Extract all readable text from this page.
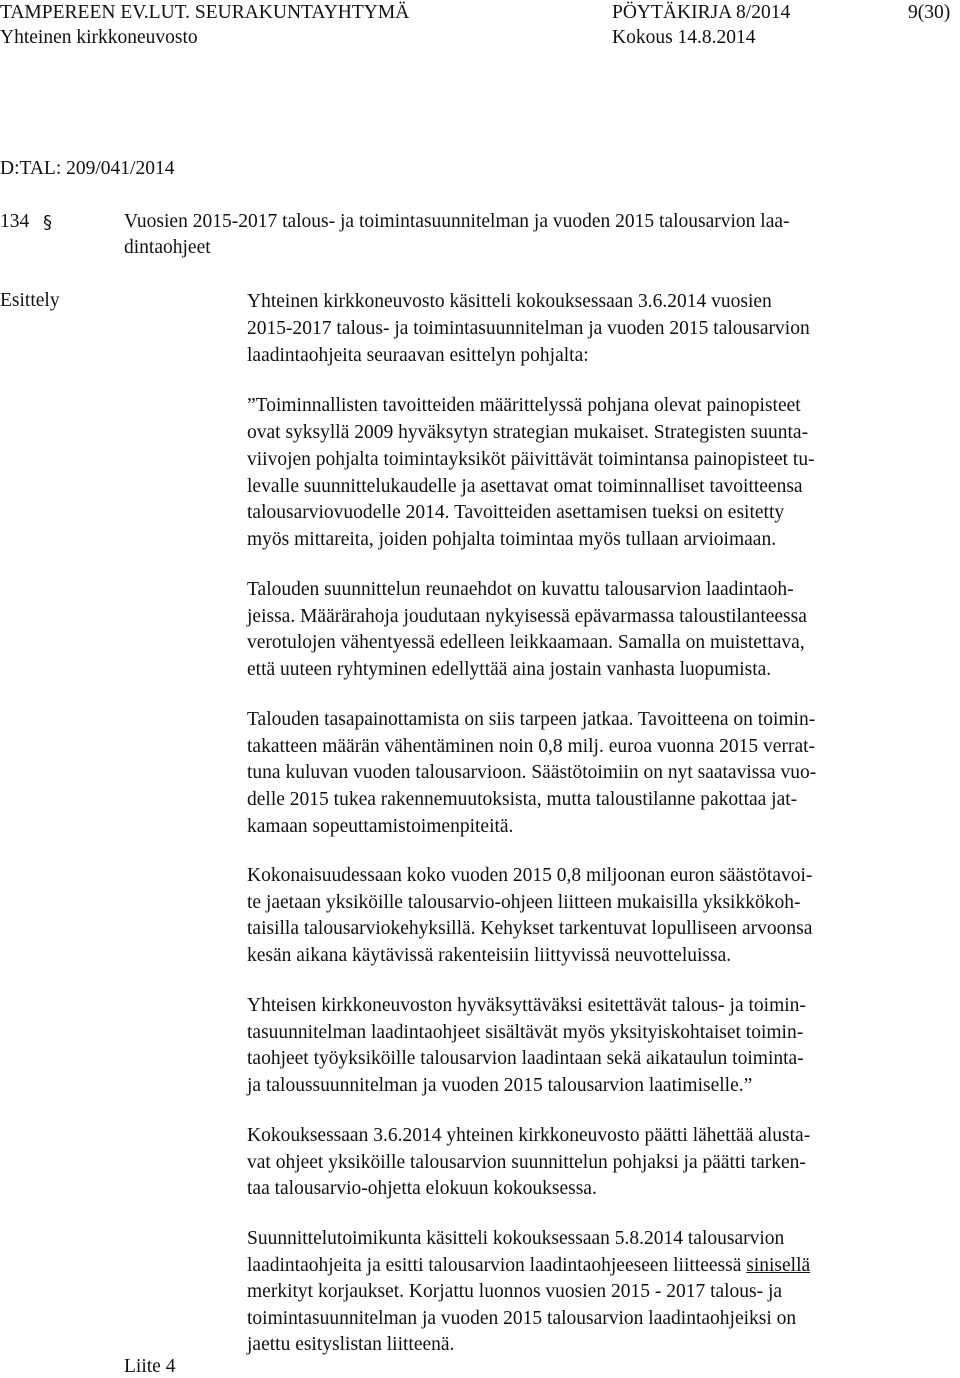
TAMPEREEN EV.LUT. SEURAKUNTAYHTYMÄ	PÖYTÄKIRJA 8/2014	9(30)
Yhteinen kirkkoneuvosto	Kokous 14.8.2014
D:TAL: 209/041/2014
134 §	Vuosien 2015-2017 talous- ja toimintasuunnitelman ja vuoden 2015 talousarvion laa-
dintaohjeet
Esittely
Liite 4
Yhteinen kirkkoneuvosto käsitteli kokouksessaan 3.6.2014 vuosien
2015-2017 talous- ja toimintasuunnitelman ja vuoden 2015 talousarvion
laadintaohjeita seuraavan esittelyn pohjalta:
”Toiminnallisten tavoitteiden määrittelyssä pohjana olevat painopisteet
ovat syksyllä 2009 hyväksytyn strategian mukaiset. Strategisten suunta-
viivojen pohjalta toimintayksiköt päivittävät toimintansa painopisteet tu-
levalle suunnittelukaudelle ja asettavat omat toiminnalliset tavoitteensa
talousarviovuodelle 2014. Tavoitteiden asettamisen tueksi on esitetty
myös mittareita, joiden pohjalta toimintaa myös tullaan arvioimaan.
Talouden suunnittelun reunaehdot on kuvattu talousarvion laadintaoh-
jeissa. Määrärahoja joudutaan nykyisessä epävarmassa taloustilanteessa
verotulojen vähentyessä edelleen leikkaamaan. Samalla on muistettava,
että uuteen ryhtyminen edellyttää aina jostain vanhasta luopumista.
Talouden tasapainottamista on siis tarpeen jatkaa. Tavoitteena on toimin-
takatteen määrän vähentäminen noin 0,8 milj. euroa vuonna 2015 verrat-
tuna kuluvan vuoden talousarvioon. Säästötoimiin on nyt saatavissa vuo-
delle 2015 tukea rakennemuutoksista, mutta taloustilanne pakottaa jat-
kamaan sopeuttamistoimenpiteitä.
Kokonaisuudessaan koko vuoden 2015 0,8 miljoonan euron säästötavoi-
te jaetaan yksiköille talousarvio-ohjeen liitteen mukaisilla yksikkökoh-
taisilla talousarviokehyksillä. Kehykset tarkentuvat lopulliseen arvoonsa
kesän aikana käytävissä rakenteisiin liittyvissä neuvotteluissa.
Yhteisen kirkkoneuvoston hyväksyttäväksi esitettävät talous- ja toimin-
tasuunnitelman laadintaohjeet sisältävät myös yksityiskohtaiset toimin-
taohjeet työyksiköille talousarvion laadintaan sekä aikataulun toiminta-
ja taloussuunnitelman ja vuoden 2015 talousarvion laatimiselle.”
Kokouksessaan 3.6.2014 yhteinen kirkkoneuvosto päätti lähettää alusta-
vat ohjeet yksiköille talousarvion suunnittelun pohjaksi ja päätti tarken-
taa talousarvio-ohjetta elokuun kokouksessa.
Suunnittelutoimikunta käsitteli kokouksessaan 5.8.2014 talousarvion
laadintaohjeita ja esitti talousarvion laadintaohjeeseen liitteessä sinisellä
merkityt korjaukset. Korjattu luonnos vuosien 2015 - 2017 talous- ja
toimintasuunnitelman ja vuoden 2015 talousarvion laadintaohjeiksi on
jaettu esityslistan liitteenä.
